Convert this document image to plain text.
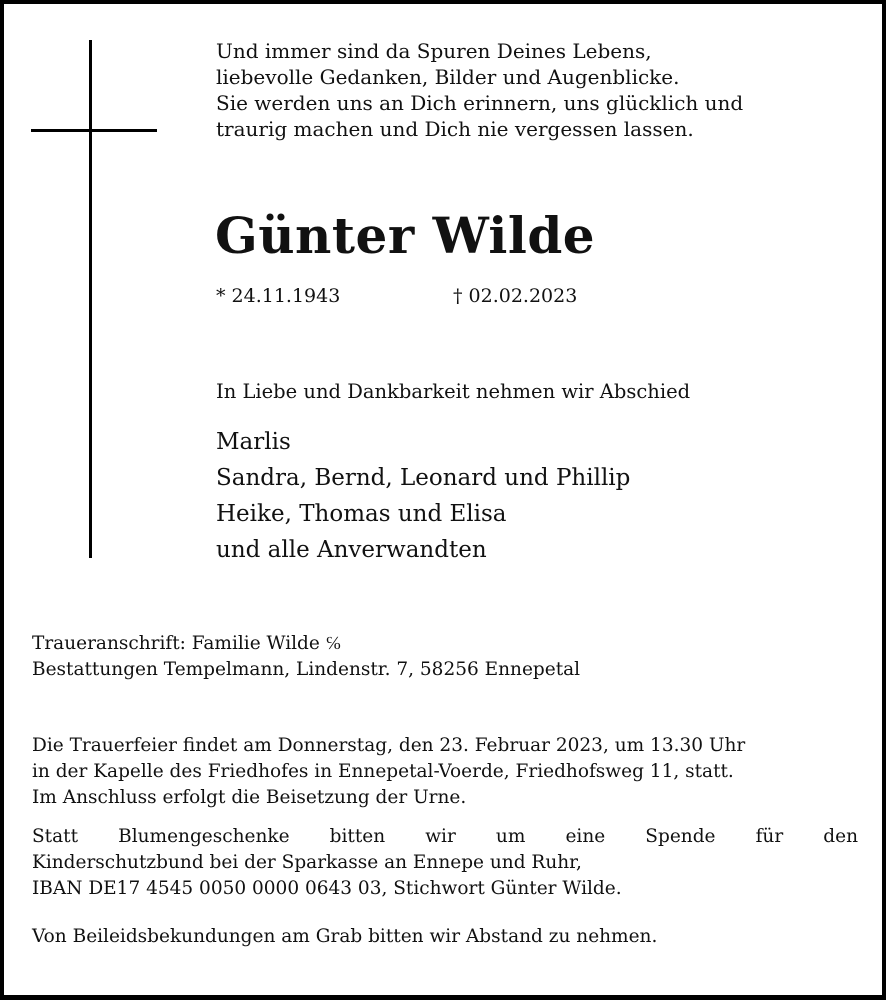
Und immer sind da Spuren Deines Lebens,
liebevolle Gedanken, Bilder und Augenblicke.
Sie werden uns an Dich erinnern, uns glücklich und
traurig machen und Dich nie vergessen lassen.
Günter Wilde
* 24.11.1943	† 02.02.2023
In Liebe und Dankbarkeit nehmen wir Abschied
Marlis
Sandra, Bernd, Leonard und Phillip
Heike, Thomas und Elisa
und alle Anverwandten
Traueranschrift: Familie Wilde ℅
Bestattungen Tempelmann, Lindenstr. 7, 58256 Ennepetal
Die Trauerfeier findet am Donnerstag, den 23. Februar 2023, um 13.30 Uhr
in der Kapelle des Friedhofes in Ennepetal-Voerde, Friedhofsweg 11, statt.
Im Anschluss erfolgt die Beisetzung der Urne.
Statt Blumengeschenke bitten wir um eine Spende für den
Kinderschutzbund bei der Sparkasse an Ennepe und Ruhr,
IBAN DE17 4545 0050 0000 0643 03, Stichwort Günter Wilde.
Von Beileidsbekundungen am Grab bitten wir Abstand zu nehmen.
